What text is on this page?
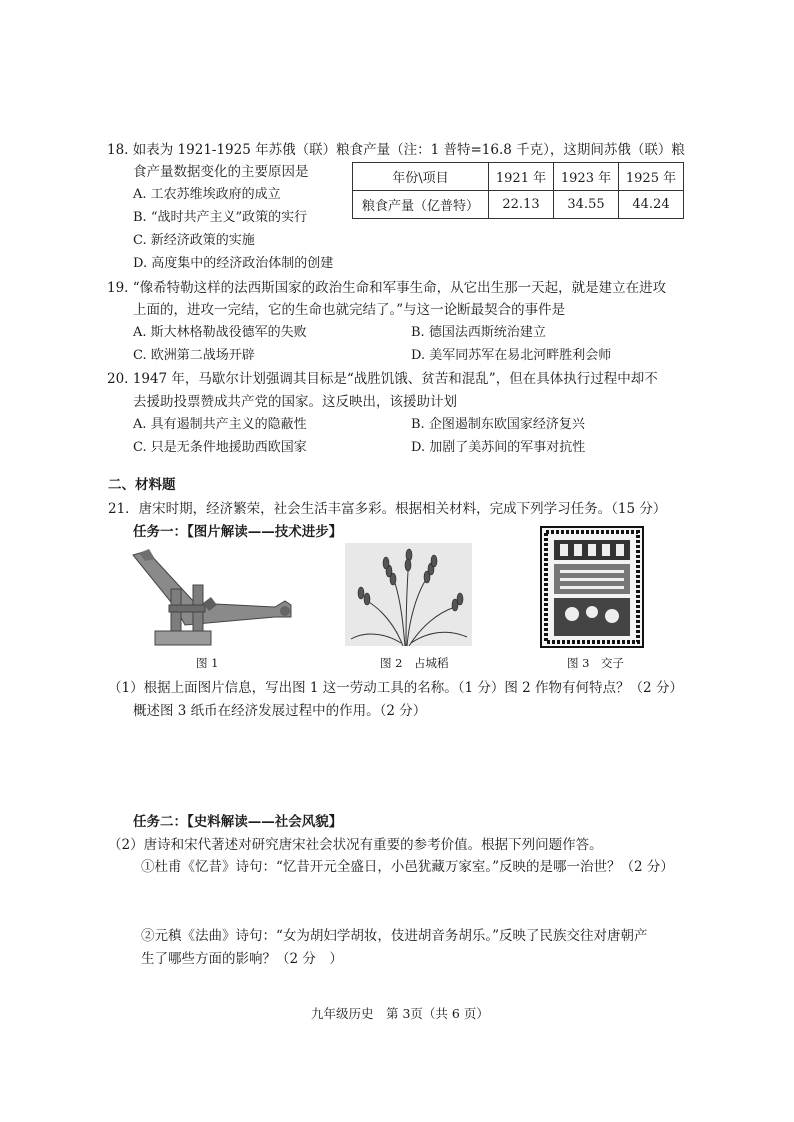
18. 如表为 1921-1925 年苏俄（联）粮食产量（注：1 普特=16.8 千克），这期间苏俄（联）粮
食产量数据变化的主要原因是
A. 工农苏维埃政府的成立
B. “战时共产主义”政策的实行
C. 新经济政策的实施
D. 高度集中的经济政治体制的创建
年份\项目	1921 年	1923 年	1925 年
粮食产量（亿普特）	22.13	34.55	44.24
19. “像希特勒这样的法西斯国家的政治生命和军事生命，从它出生那一天起，就是建立在进攻
上面的，进攻一完结，它的生命也就完结了。”与这一论断最契合的事件是
A. 斯大林格勒战役德军的失败	B. 德国法西斯统治建立
C. 欧洲第二战场开辟	D. 美军同苏军在易北河畔胜利会师
20. 1947 年，马歇尔计划强调其目标是“战胜饥饿、贫苦和混乱”，但在具体执行过程中却不
去援助投票赞成共产党的国家。这反映出，该援助计划
A. 具有遏制共产主义的隐蔽性	B. 企图遏制东欧国家经济复兴
C. 只是无条件地援助西欧国家	D. 加剧了美苏间的军事对抗性
二、材料题
21．唐宋时期，经济繁荣，社会生活丰富多彩。根据相关材料，完成下列学习任务。（15 分）
任务一：【图片解读——技术进步】
图 1	图 2　占城稻	图 3　交子
（1）根据上面图片信息，写出图 1 这一劳动工具的名称。（1 分）图 2 作物有何特点？（2 分）
概述图 3 纸币在经济发展过程中的作用。（2 分）
任务二：【史料解读——社会风貌】
（2）唐诗和宋代著述对研究唐宋社会状况有重要的参考价值。根据下列问题作答。
①杜甫《忆昔》诗句：“忆昔开元全盛日，小邑犹藏万家室。”反映的是哪一治世？（2 分）
②元稹《法曲》诗句：“女为胡妇学胡妆，伎进胡音务胡乐。”反映了民族交往对唐朝产
生了哪些方面的影响？（2 分　）
九年级历史　第 3页（共 6 页）
